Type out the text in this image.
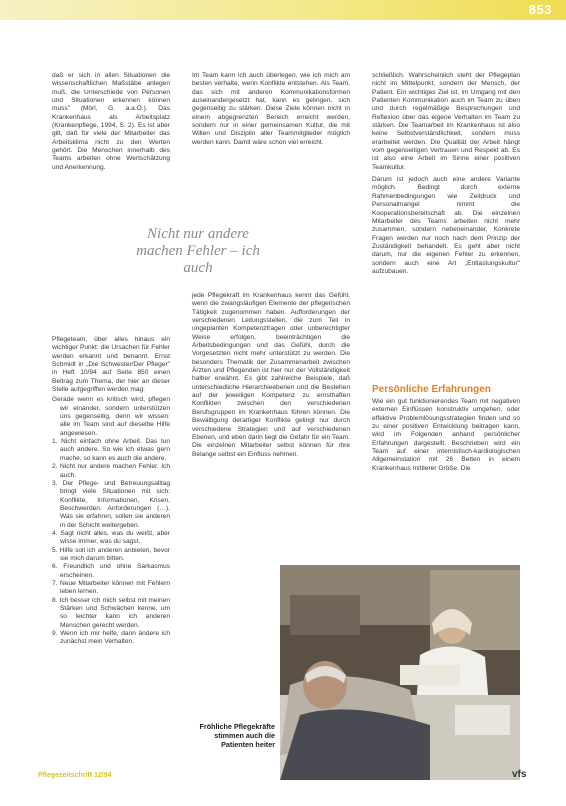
853

daß er sich in allen Situationen die wissenschaftlichen Maßstäbe anlegen muß, die Unterschiede von Personen und Situationen erkennen können muss" (Mörl, G. a.a.O.). Das Krankenhaus als Arbeitsplatz (Krankenpflege, 1994, S. 2). Es ist aber gilt, daß für viele der Mitarbeiter das Arbeitsklima nicht zu den Werten gehört. Die Menschen innerhalb des Teams arbeiten ohne Wertschätzung und Anerkennung.

Pflegeteam, über alles hinaus ein wichtiger Punkt: die Ursachen für Fehler werden erkannt und benannt. Ernst Schmidt in „Die Schwester/Der Pfleger" in Heft 10/94 auf Seite 850 einen Beitrag zum Thema, der hier an dieser Stelle aufgegriffen werden mag:

Gerade wenn es kritisch wird, pflegen wir einander, sondern unterstützen uns gegenseitig, denn wir wissen: alle im Team sind auf dieselbe Hilfe angewiesen.

1. Nicht einfach ohne Arbeit. Das tun auch andere. So wie ich etwas gern mache, so kann es auch die andere.

2. Nicht nur andere machen Fehler. Ich auch.

3. Der Pflege- und Betreuungsalltag bringt viele Situationen mit sich: Konflikte, Informationen, Krisen, Beschwerden. Anforderungen (…). Was sie erfahren, sollen sie anderen in der Schicht weitergeben.

4. Sagt nicht alles, was du weißt, aber wisse immer, was du sagst.

5. Hilfe soll ich anderen anbieten, bevor sie mich darum bitten.

6. Freundlich und ohne Sarkasmus erscheinen.

7. Neue Mitarbeiter können mit Fehlern leben lernen.

8. Ich besser ich mich selbst mit meinen Stärken und Schwächen kenne, um so leichter kann ich anderen Menschen gerecht werden.

9. Wenn ich mir helfe, dann ändere ich zunächst mein Verhalten.

Im Team kann ich auch überlegen, wie ich mich am besten verhalte, wenn Konflikte entstehen. Als Team, das sich mit anderen Kommunikationsformen auseinandergesetzt hat, kann es gelingen, sich gegenseitig zu stärken. Diese Ziele können nicht in einem abgegrenzten Bereich erreicht werden, sondern nur in einer gemeinsamen Kultur, die mit Willen und Disziplin aller Teammitglieder möglich werden kann. Damit wäre schon viel erreicht.

jede Pflegekraft im Krankenhaus kennt das Gefühl, wenn die zwangsläufigen Elemente der pflegerischen Tätigkeit zugenommen haben. Aufforderungen der verschiedenen Leitungsstellen, die zum Teil in ungeplanten Kompetenzfragen oder unberechtigter Weise erfolgen, beeinträchtigen die Arbeitsbedingungen und das Gefühl, durch die Vorgesetzten nicht mehr unterstützt zu werden. Die besonders Thematik der Zusammenarbeit zwischen Ärzten und Pflegenden ist hier nur der Vollständigkeit halber erwähnt. Es gibt zahlreiche Beispiele, daß unterschiedliche Hierarchieebenen und die Bestehen auf der jeweiligen Kompetenz zu ernsthaften Konflikten zwischen den verschiedenen Berufsgruppen im Krankenhaus führen können. Die Bewältigung derartiger Konflikte gelingt nur durch verschiedene Strategien und auf verschiedenen Ebenen, und eben darin liegt die Gefahr für ein Team. Die einzelnen Mitarbeiter selbst können für ihre Belange selbst ein Einfluss nehmen.

Nicht nur andere machen Fehler – ich auch

schließlich. Wahrscheinlich steht der Pflegeplan nicht im Mittelpunkt, sondern der Mensch, der Patient. Ein wichtiges Ziel ist, im Umgang mit den Patienten Kommunikation auch im Team zu üben und durch regelmäßige Besprechungen und Reflexion über das eigene Verhalten im Team zu stärken. Die Teamarbeit im Krankenhaus ist also keine Selbstverständlichkeit, sondern muss erarbeitet werden. Die Qualität der Arbeit hängt vom gegenseitigen Vertrauen und Respekt ab. Es ist also eine Arbeit im Sinne einer positiven Teamkultur.

Darum ist jedoch auch eine andere Variante möglich. Bedingt durch externe Rahmenbedingungen wie Zeitdruck und Personalmangel nimmt die Kooperationsbereitschaft ab. Die einzelnen Mitarbeiter des Teams arbeiten nicht mehr zusammen, sondern nebeneinander. Konkrete Fragen werden nur noch nach dem Prinzip der Zuständigkeit behandelt. Es geht aber nicht darum, nur die eigenen Fehler zu erkennen, sondern auch eine Art „Entlastungskultur" aufzubauen.

Persönliche Erfahrungen

Wie ein gut funktionierendes Team mit negativen externen Einflüssen konstruktiv umgehen, oder effektive Problemlösungsstrategien finden und so zu einer positiven Entwicklung beitragen kann, wird im Folgenden anhand persönlicher Erfahrungen dargestellt. Beschrieben wird ein Team auf einer internistisch-kardiologischen Allgemeinstation mit 26 Betten in einem Krankenhaus mittlerer Größe. Die

Fröhliche Pflegekräfte stimmen auch die Patienten heiter
Pflegezeitschrift 12/94	vfs
